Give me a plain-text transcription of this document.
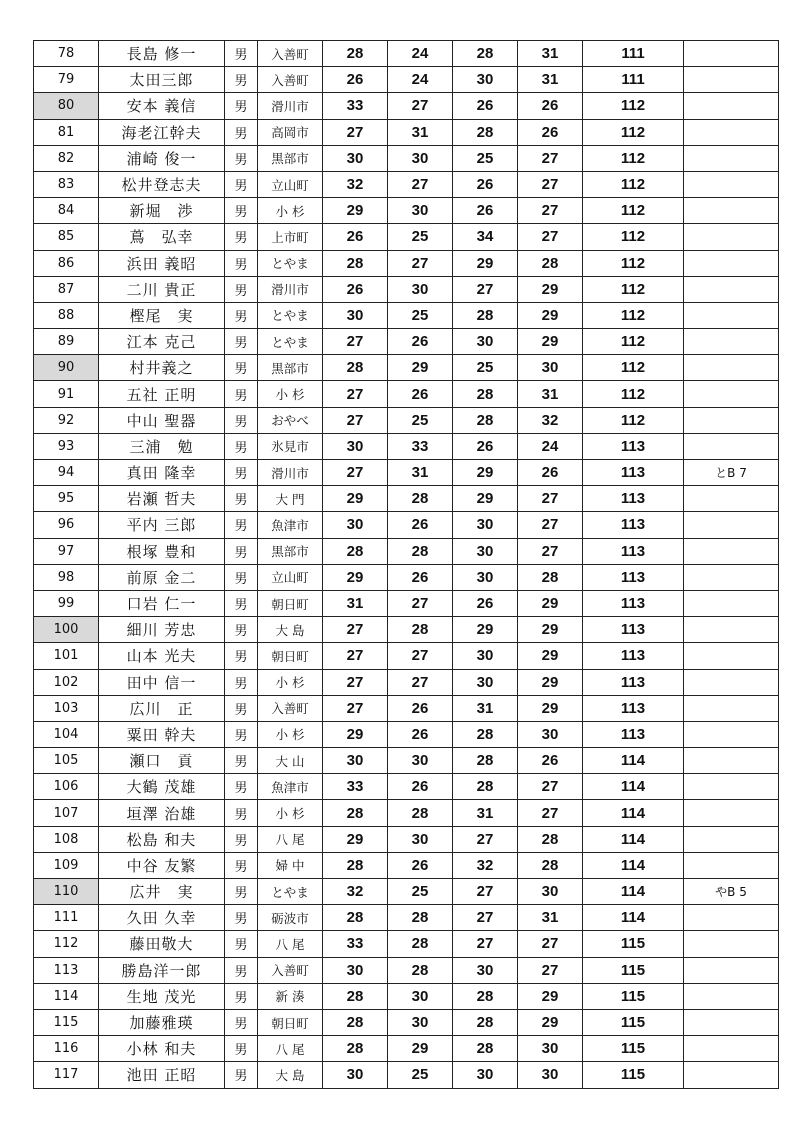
78	長島 修一	男	入善町	28	24	28	31	111	
79	太田三郎	男	入善町	26	24	30	31	111	
80	安本 義信	男	滑川市	33	27	26	26	112	
81	海老江幹夫	男	高岡市	27	31	28	26	112	
82	浦崎 俊一	男	黒部市	30	30	25	27	112	
83	松井登志夫	男	立山町	32	27	26	27	112	
84	新堀　渉	男	小 杉	29	30	26	27	112	
85	蔦　弘幸	男	上市町	26	25	34	27	112	
86	浜田 義昭	男	とやま	28	27	29	28	112	
87	二川 貴正	男	滑川市	26	30	27	29	112	
88	樫尾　実	男	とやま	30	25	28	29	112	
89	江本 克己	男	とやま	27	26	30	29	112	
90	村井義之	男	黒部市	28	29	25	30	112	
91	五社 正明	男	小 杉	27	26	28	31	112	
92	中山 聖器	男	おやべ	27	25	28	32	112	
93	三浦　勉	男	氷見市	30	33	26	24	113	
94	真田 隆幸	男	滑川市	27	31	29	26	113	とB 7
95	岩瀬 哲夫	男	大 門	29	28	29	27	113	
96	平内 三郎	男	魚津市	30	26	30	27	113	
97	根塚 豊和	男	黒部市	28	28	30	27	113	
98	前原 金二	男	立山町	29	26	30	28	113	
99	口岩 仁一	男	朝日町	31	27	26	29	113	
100	細川 芳忠	男	大 島	27	28	29	29	113	
101	山本 光夫	男	朝日町	27	27	30	29	113	
102	田中 信一	男	小 杉	27	27	30	29	113	
103	広川　正	男	入善町	27	26	31	29	113	
104	粟田 幹夫	男	小 杉	29	26	28	30	113	
105	瀬口　貢	男	大 山	30	30	28	26	114	
106	大鶴 茂雄	男	魚津市	33	26	28	27	114	
107	垣澤 治雄	男	小 杉	28	28	31	27	114	
108	松島 和夫	男	八 尾	29	30	27	28	114	
109	中谷 友繁	男	婦 中	28	26	32	28	114	
110	広井　実	男	とやま	32	25	27	30	114	やB 5
111	久田 久幸	男	砺波市	28	28	27	31	114	
112	藤田敬大	男	八 尾	33	28	27	27	115	
113	勝島洋一郎	男	入善町	30	28	30	27	115	
114	生地 茂光	男	新 湊	28	30	28	29	115	
115	加藤雅瑛	男	朝日町	28	30	28	29	115	
116	小林 和夫	男	八 尾	28	29	28	30	115	
117	池田 正昭	男	大 島	30	25	30	30	115	
